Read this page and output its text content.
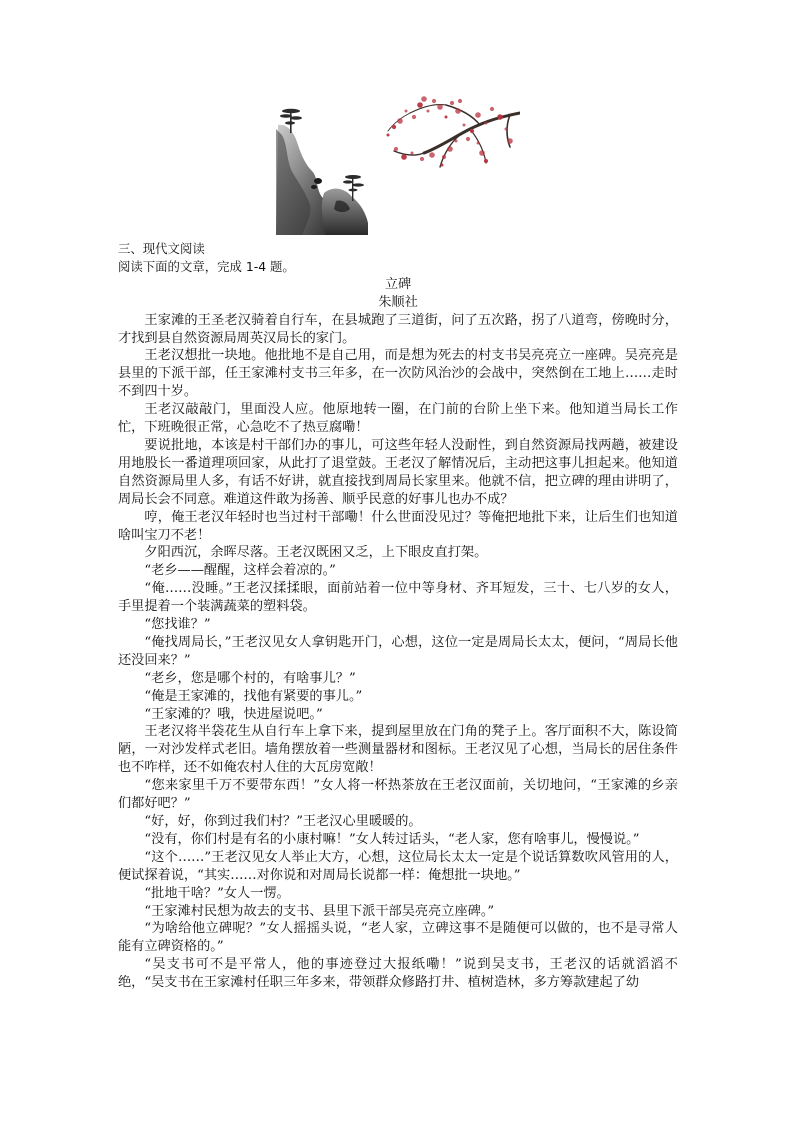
三、现代文阅读

阅读下面的文章，完成 1-4 题。

立碑

朱顺社

王家滩的王圣老汉骑着自行车，在县城跑了三道街，问了五次路，拐了八道弯，傍晚时分，才找到县自然资源局周英汉局长的家门。

王老汉想批一块地。他批地不是自己用，而是想为死去的村支书吴亮亮立一座碑。吴亮亮是县里的下派干部，任王家滩村支书三年多，在一次防风治沙的会战中，突然倒在工地上……走时不到四十岁。

王老汉敲敲门，里面没人应。他原地转一圈，在门前的台阶上坐下来。他知道当局长工作忙，下班晚很正常，心急吃不了热豆腐嘞！

要说批地，本该是村干部们办的事儿，可这些年轻人没耐性，到自然资源局找两趟，被建设用地股长一番道理项回家，从此打了退堂鼓。王老汉了解情况后，主动把这事儿担起来。他知道自然资源局里人多，有话不好讲，就直接找到周局长家里来。他就不信，把立碑的理由讲明了，周局长会不同意。难道这件敢为扬善、顺乎民意的好事儿也办不成？

哼，俺王老汉年轻时也当过村干部嘞！什么世面没见过？等俺把地批下来，让后生们也知道啥叫宝刀不老！

夕阳西沉，余晖尽落。王老汉既困又乏，上下眼皮直打架。

“老乡——醒醒，这样会着凉的。”

“俺……没睡。”王老汉揉揉眼，面前站着一位中等身材、齐耳短发，三十、七八岁的女人，手里提着一个装满蔬菜的塑料袋。

“您找谁？”

“俺找周局长，”王老汉见女人拿钥匙开门，心想，这位一定是周局长太太，便问，“周局长他还没回来？”

“老乡，您是哪个村的，有啥事儿？”

“俺是王家滩的，找他有紧要的事儿。”

“王家滩的？哦，快进屋说吧。”

王老汉将半袋花生从自行车上拿下来，提到屋里放在门角的凳子上。客厅面积不大，陈设简陋，一对沙发样式老旧。墙角摆放着一些测量器材和图标。王老汉见了心想，当局长的居住条件也不咋样，还不如俺农村人住的大瓦房宽敞！

“您来家里千万不要带东西！”女人将一杯热茶放在王老汉面前，关切地问，“王家滩的乡亲们都好吧？”

“好，好，你到过我们村？”王老汉心里暖暖的。

“没有，你们村是有名的小康村嘛！”女人转过话头，“老人家，您有啥事儿，慢慢说。”

“这个……”王老汉见女人举止大方，心想，这位局长太太一定是个说话算数吹风管用的人，便试探着说，“其实……对你说和对周局长说都一样：俺想批一块地。”

“批地干啥？”女人一愣。

“王家滩村民想为故去的支书、县里下派干部吴亮亮立座碑。”

“为啥给他立碑呢？”女人摇摇头说，“老人家，立碑这事不是随便可以做的，也不是寻常人能有立碑资格的。”

“吴支书可不是平常人，他的事迹登过大报纸嘞！”说到吴支书，王老汉的话就滔滔不绝，“吴支书在王家滩村任职三年多来，带领群众修路打井、植树造林，多方筹款建起了幼
